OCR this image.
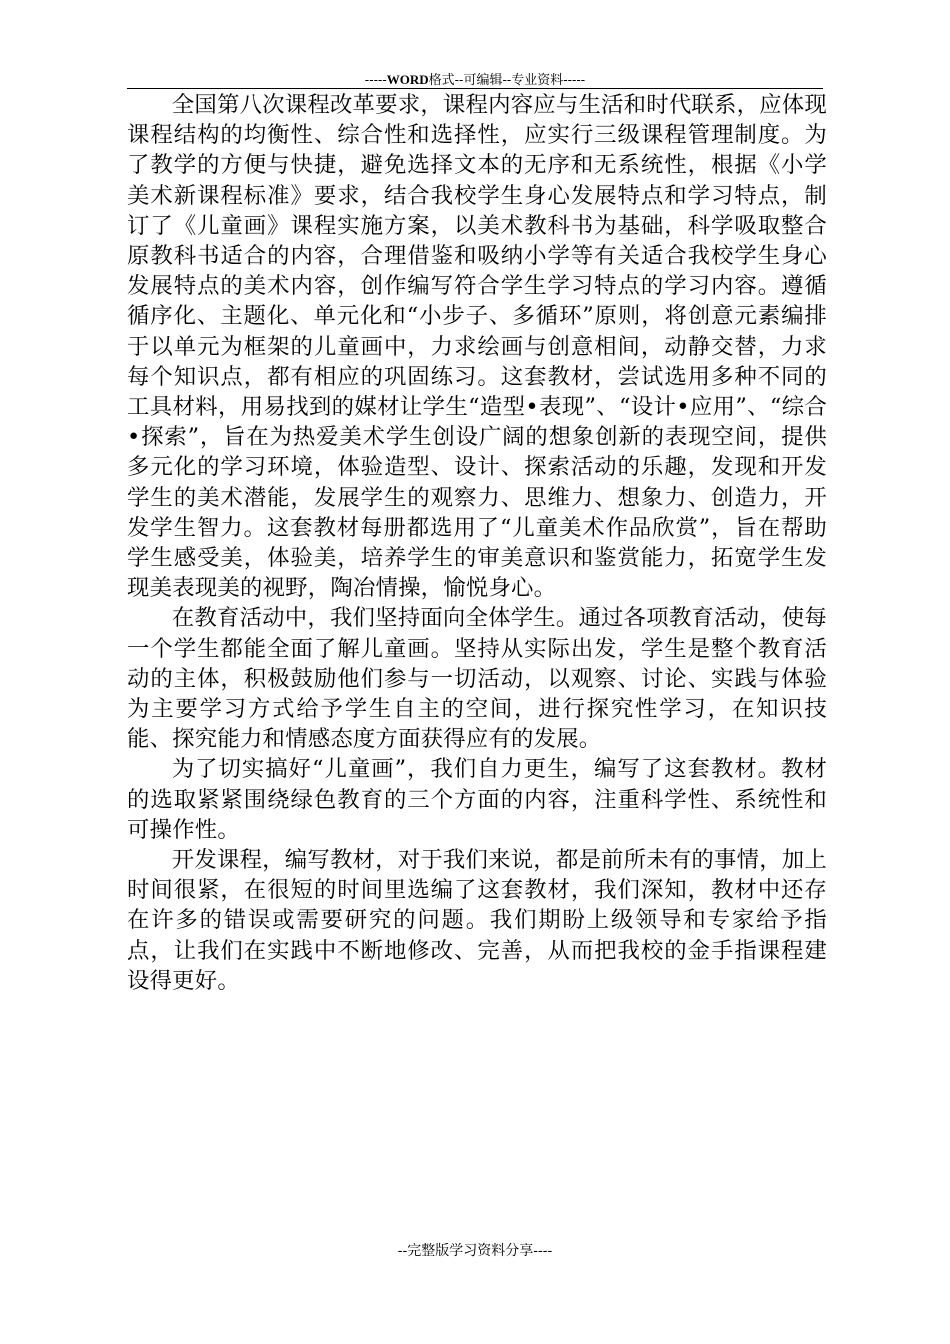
-----WORD格式--可编辑--专业资料-----

全国第八次课程改革要求，课程内容应与生活和时代联系，应体现课程结构的均衡性、综合性和选择性，应实行三级课程管理制度。为了教学的方便与快捷，避免选择文本的无序和无系统性，根据《小学美术新课程标准》要求，结合我校学生身心发展特点和学习特点，制订了《儿童画》课程实施方案，以美术教科书为基础，科学吸取整合原教科书适合的内容，合理借鉴和吸纳小学等有关适合我校学生身心发展特点的美术内容，创作编写符合学生学习特点的学习内容。遵循循序化、主题化、单元化和“小步子、多循环”原则，将创意元素编排于以单元为框架的儿童画中，力求绘画与创意相间，动静交替，力求每个知识点，都有相应的巩固练习。这套教材，尝试选用多种不同的工具材料，用易找到的媒材让学生“造型•表现”、“设计•应用”、“综合•探索”，旨在为热爱美术学生创设广阔的想象创新的表现空间，提供多元化的学习环境，体验造型、设计、探索活动的乐趣，发现和开发学生的美术潜能，发展学生的观察力、思维力、想象力、创造力，开发学生智力。这套教材每册都选用了“儿童美术作品欣赏”，旨在帮助学生感受美，体验美，培养学生的审美意识和鉴赏能力，拓宽学生发现美表现美的视野，陶冶情操，愉悦身心。

在教育活动中，我们坚持面向全体学生。通过各项教育活动，使每一个学生都能全面了解儿童画。坚持从实际出发，学生是整个教育活动的主体，积极鼓励他们参与一切活动，以观察、讨论、实践与体验为主要学习方式给予学生自主的空间，进行探究性学习，在知识技能、探究能力和情感态度方面获得应有的发展。

为了切实搞好“儿童画”，我们自力更生，编写了这套教材。教材的选取紧紧围绕绿色教育的三个方面的内容，注重科学性、系统性和可操作性。

开发课程，编写教材，对于我们来说，都是前所未有的事情，加上时间很紧，在很短的时间里选编了这套教材，我们深知，教材中还存在许多的错误或需要研究的问题。我们期盼上级领导和专家给予指点，让我们在实践中不断地修改、完善，从而把我校的金手指课程建设得更好。

--完整版学习资料分享----
